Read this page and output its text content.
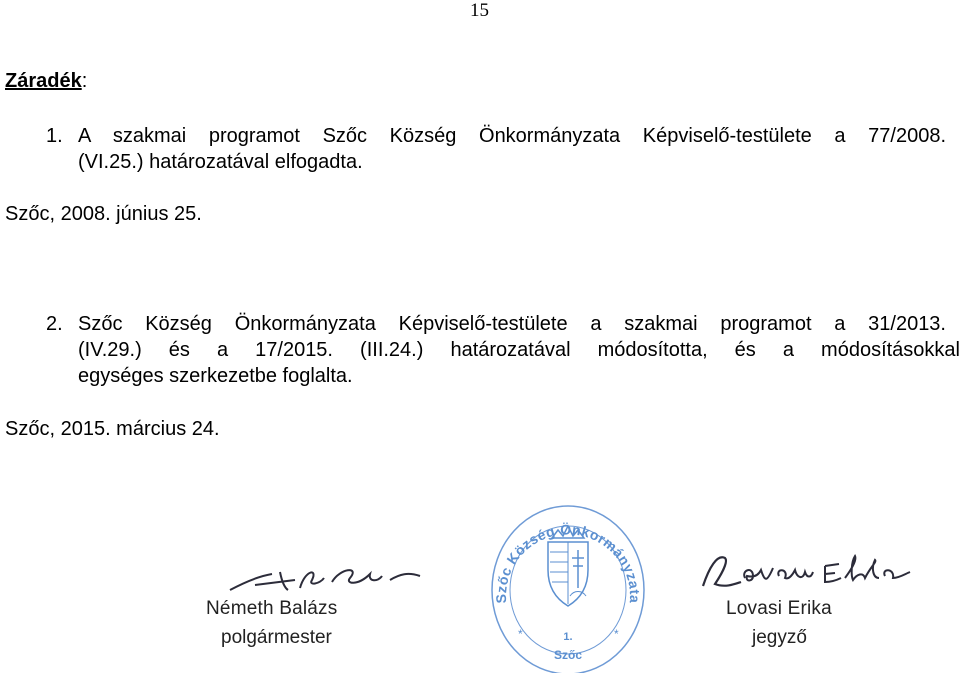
15
Záradék:
1. A szakmai programot Szőc Község Önkormányzata Képviselő-testülete a 77/2008.
(VI.25.) határozatával elfogadta.
Szőc, 2008. június 25.
2. Szőc Község Önkormányzata Képviselő-testülete a szakmai programot a 31/2013.
(IV.29.) és a 17/2015. (III.24.) határozatával módosította, és a módosításokkal
egységes szerkezetbe foglalta.
Szőc, 2015. március 24.
Németh Balázs
polgármester
Szőc Község Önkormányzata
*	*
1.
Szőc
Lovasi Erika
jegyző
